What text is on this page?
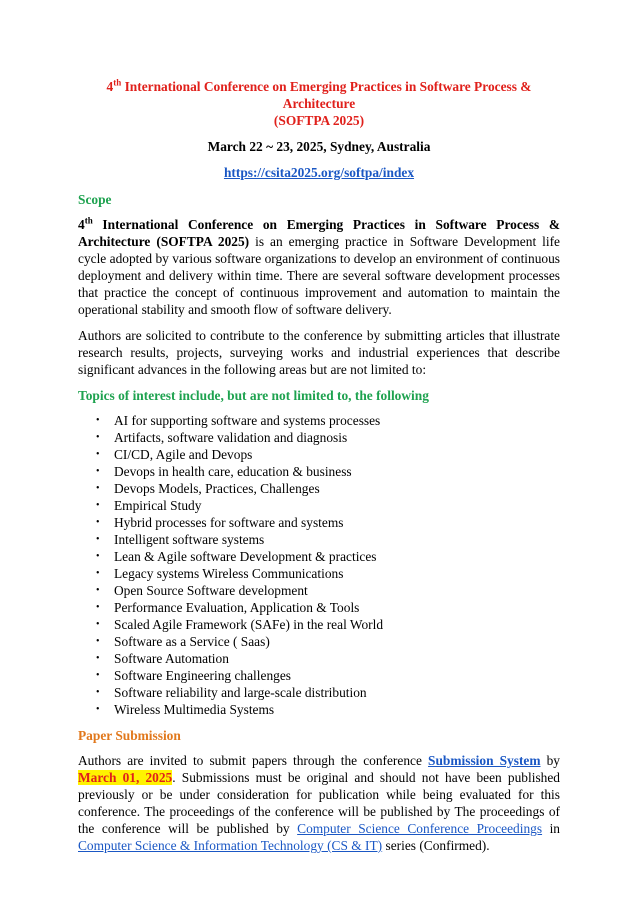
4th International Conference on Emerging Practices in Software Process & Architecture
(SOFTPA 2025)
March 22 ~ 23, 2025, Sydney, Australia
https://csita2025.org/softpa/index
Scope

4th International Conference on Emerging Practices in Software Process & Architecture (SOFTPA 2025) is an emerging practice in Software Development life cycle adopted by various software organizations to develop an environment of continuous deployment and delivery within time. There are several software development processes that practice the concept of continuous improvement and automation to maintain the operational stability and smooth flow of software delivery.

Authors are solicited to contribute to the conference by submitting articles that illustrate research results, projects, surveying works and industrial experiences that describe significant advances in the following areas but are not limited to:

Topics of interest include, but are not limited to, the following
• AI for supporting software and systems processes
• Artifacts, software validation and diagnosis
• CI/CD, Agile and Devops
• Devops in health care, education & business
• Devops Models, Practices, Challenges
• Empirical Study
• Hybrid processes for software and systems
• Intelligent software systems
• Lean & Agile software Development & practices
• Legacy systems Wireless Communications
• Open Source Software development
• Performance Evaluation, Application & Tools
• Scaled Agile Framework (SAFe) in the real World
• Software as a Service ( Saas)
• Software Automation
• Software Engineering challenges
• Software reliability and large-scale distribution
• Wireless Multimedia Systems
Paper Submission

Authors are invited to submit papers through the conference Submission System by March 01, 2025. Submissions must be original and should not have been published previously or be under consideration for publication while being evaluated for this conference. The proceedings of the conference will be published by The proceedings of the conference will be published by Computer Science Conference Proceedings in Computer Science & Information Technology (CS & IT) series (Confirmed).
